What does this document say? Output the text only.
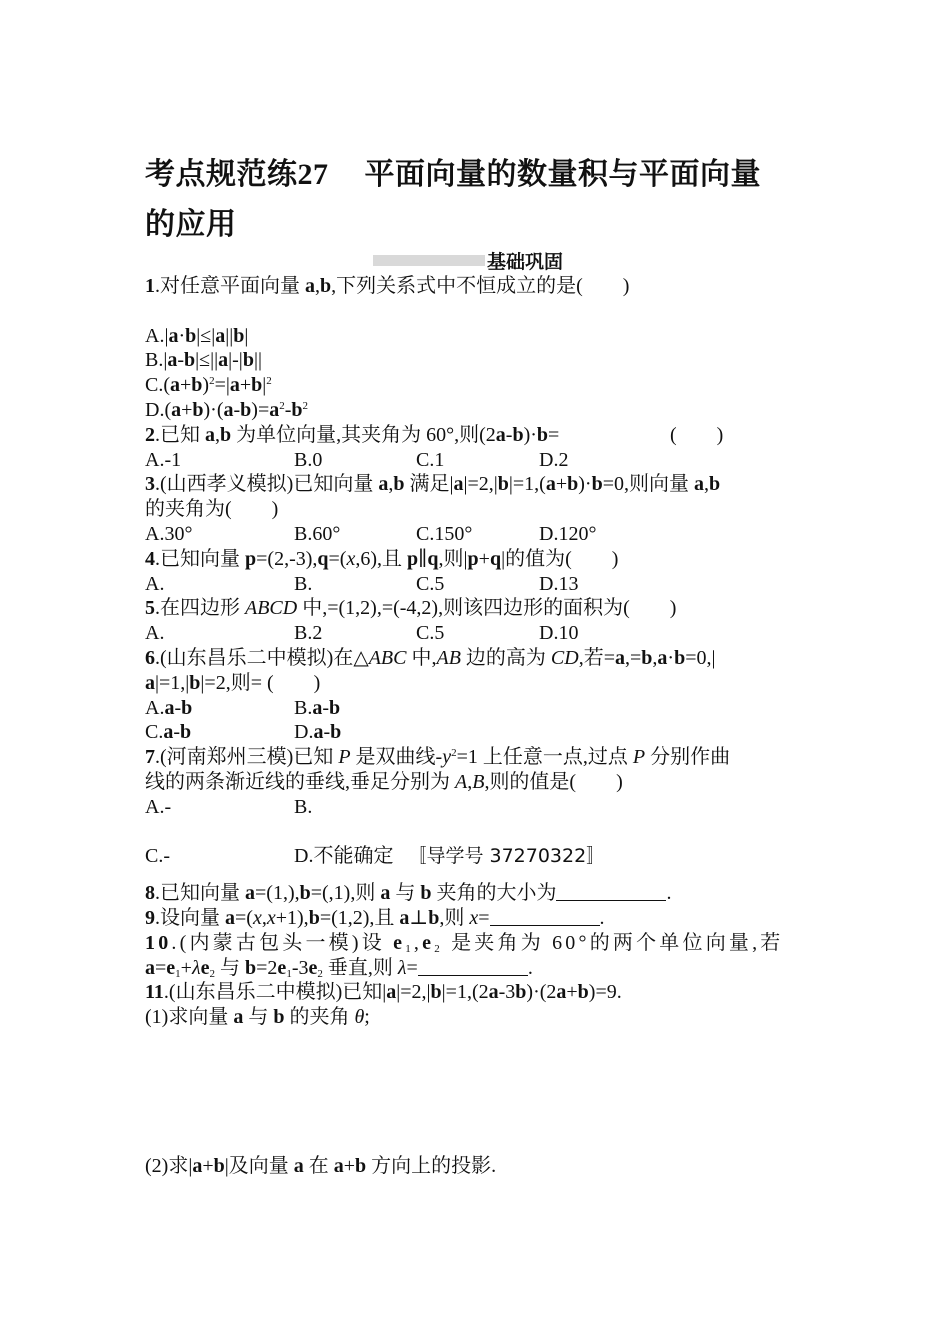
考点规范练27 平面向量的数量积与平面向量
的应用
基础巩固
1.对任意平面向量 a,b,下列关系式中不恒成立的是(　　)
A.|a·b|≤|a||b|
B.|a-b|≤||a|-|b||
$C.(a+b)^2=|a+b|^2$
$D.(a+b)\cdot(a-b)=a^2-b^2$
2.已知 a,b 为单位向量,其夹角为 60°,则(2a-b)·b=	(　　)
A.-1	B.0	C.1	D.2
3.(山西孝义模拟)已知向量 a,b 满足|a|=2,|b|=1,(a+b)·b=0,则向量 a,b
的夹角为(　　)
A.30°	B.60°	C.150°	D.120°
4.已知向量 p=(2,-3),q=(x,6),且 p∥q,则|p+q|的值为(　　)
A.	B.	C.5	D.13
5.在四边形 ABCD 中,=(1,2),=(-4,2),则该四边形的面积为(　　)
A.	B.2	C.5	D.10
6.(山东昌乐二中模拟)在△ABC 中,AB 边的高为 CD,若=a,=b,a·b=0,|
a|=1,|b|=2,则= (　　)
A.a-b	B.a-b
C.a-b	D.a-b
7.(河南郑州三模)已知 P 是双曲线$-y^2=1$ 上任意一点,过点 P 分别作曲
线的两条渐近线的垂线,垂足分别为 A,B,则的值是(　　)
A.-	B.
C.-	D.不能确定 〚导学号 37270322〛
8.已知向量 a=(1,),b=(,1),则 a 与 b 夹角的大小为	.
9.设向量 a=(x,x+1),b=(1,2),且 a⊥b,则 x=	.
10.(内蒙古包头一模)设 $e_1,e_2$ 是夹角为 60°的两个单位向量,若
$a=e_1+\lambda e_2$ 与 $b=2e_1-3e_2$ 垂直,则 λ=	.
11.(山东昌乐二中模拟)已知|a|=2,|b|=1,(2a-3b)·(2a+b)=9.
(1)求向量 a 与 b 的夹角 θ;
(2)求|a+b|及向量 a 在 a+b 方向上的投影.
